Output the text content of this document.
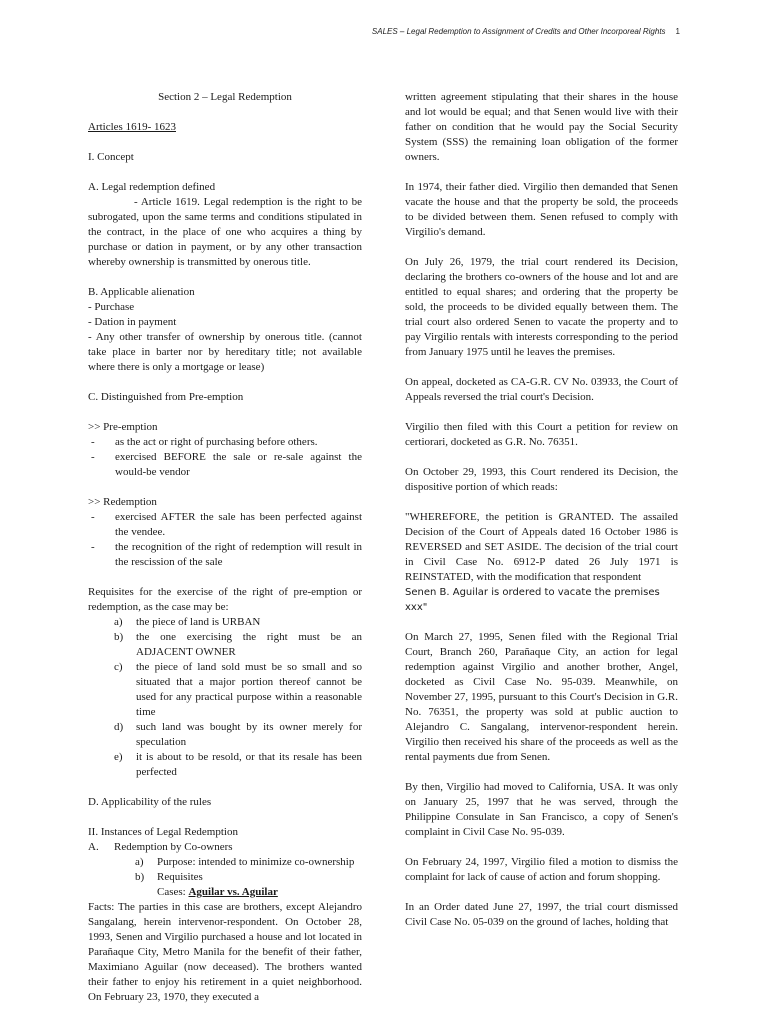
SALES – Legal Redemption to Assignment of Credits and Other Incorporeal Rights 1

Section 2 – Legal Redemption

Articles 1619- 1623

I. Concept

A. Legal redemption defined

- Article 1619. Legal redemption is the right to be subrogated, upon the same terms and conditions stipulated in the contract, in the place of one who acquires a thing by purchase or dation in payment, or by any other transaction whereby ownership is transmitted by onerous title.

B. Applicable alienation

- Purchase

- Dation in payment

- Any other transfer of ownership by onerous title. (cannot take place in barter nor by hereditary title; not available where there is only a mortgage or lease)

C. Distinguished from Pre-emption

>> Pre-emption

- as the act or right of purchasing before others.
- exercised BEFORE the sale or re-sale against the would-be vendor

>> Redemption

- exercised AFTER the sale has been perfected against the vendee.
- the recognition of the right of redemption will result in the rescission of the sale

Requisites for the exercise of the right of pre-emption or redemption, as the case may be:

a) the piece of land is URBAN
b) the one exercising the right must be an ADJACENT OWNER
c) the piece of land sold must be so small and so situated that a major portion thereof cannot be used for any practical purpose within a reasonable time
d) such land was bought by its owner merely for speculation
e) it is about to be resold, or that its resale has been perfected

D. Applicability of the rules

II. Instances of Legal Redemption

A. Redemption by Co-owners
a) Purpose: intended to minimize co-ownership
b) Requisites

Cases: Aguilar vs. Aguilar

Facts: The parties in this case are brothers, except Alejandro Sangalang, herein intervenor-respondent. On October 28, 1993, Senen and Virgilio purchased a house and lot located in Parañaque City, Metro Manila for the benefit of their father, Maximiano Aguilar (now deceased). The brothers wanted their father to enjoy his retirement in a quiet neighborhood. On February 23, 1970, they executed a

written agreement stipulating that their shares in the house and lot would be equal; and that Senen would live with their father on condition that he would pay the Social Security System (SSS) the remaining loan obligation of the former owners.

In 1974, their father died. Virgilio then demanded that Senen vacate the house and that the property be sold, the proceeds to be divided between them. Senen refused to comply with Virgilio's demand.

On July 26, 1979, the trial court rendered its Decision, declaring the brothers co-owners of the house and lot and are entitled to equal shares; and ordering that the property be sold, the proceeds to be divided equally between them. The trial court also ordered Senen to vacate the property and to pay Virgilio rentals with interests corresponding to the period from January 1975 until he leaves the premises.

On appeal, docketed as CA-G.R. CV No. 03933, the Court of Appeals reversed the trial court's Decision.

Virgilio then filed with this Court a petition for review on certiorari, docketed as G.R. No. 76351.

On October 29, 1993, this Court rendered its Decision, the dispositive portion of which reads:

"WHEREFORE, the petition is GRANTED. The assailed Decision of the Court of Appeals dated 16 October 1986 is REVERSED and SET ASIDE. The decision of the trial court in Civil Case No. 6912-P dated 26 July 1971 is REINSTATED, with the modification that respondent

Senen B. Aguilar is ordered to vacate the premises xxx"

On March 27, 1995, Senen filed with the Regional Trial Court, Branch 260, Parañaque City, an action for legal redemption against Virgilio and another brother, Angel, docketed as Civil Case No. 95-039. Meanwhile, on November 27, 1995, pursuant to this Court's Decision in G.R. No. 76351, the property was sold at public auction to Alejandro C. Sangalang, intervenor-respondent herein. Virgilio then received his share of the proceeds as well as the rental payments due from Senen.

By then, Virgilio had moved to California, USA. It was only on January 25, 1997 that he was served, through the Philippine Consulate in San Francisco, a copy of Senen's complaint in Civil Case No. 95-039.

On February 24, 1997, Virgilio filed a motion to dismiss the complaint for lack of cause of action and forum shopping.

In an Order dated June 27, 1997, the trial court dismissed Civil Case No. 05-039 on the ground of laches, holding that
